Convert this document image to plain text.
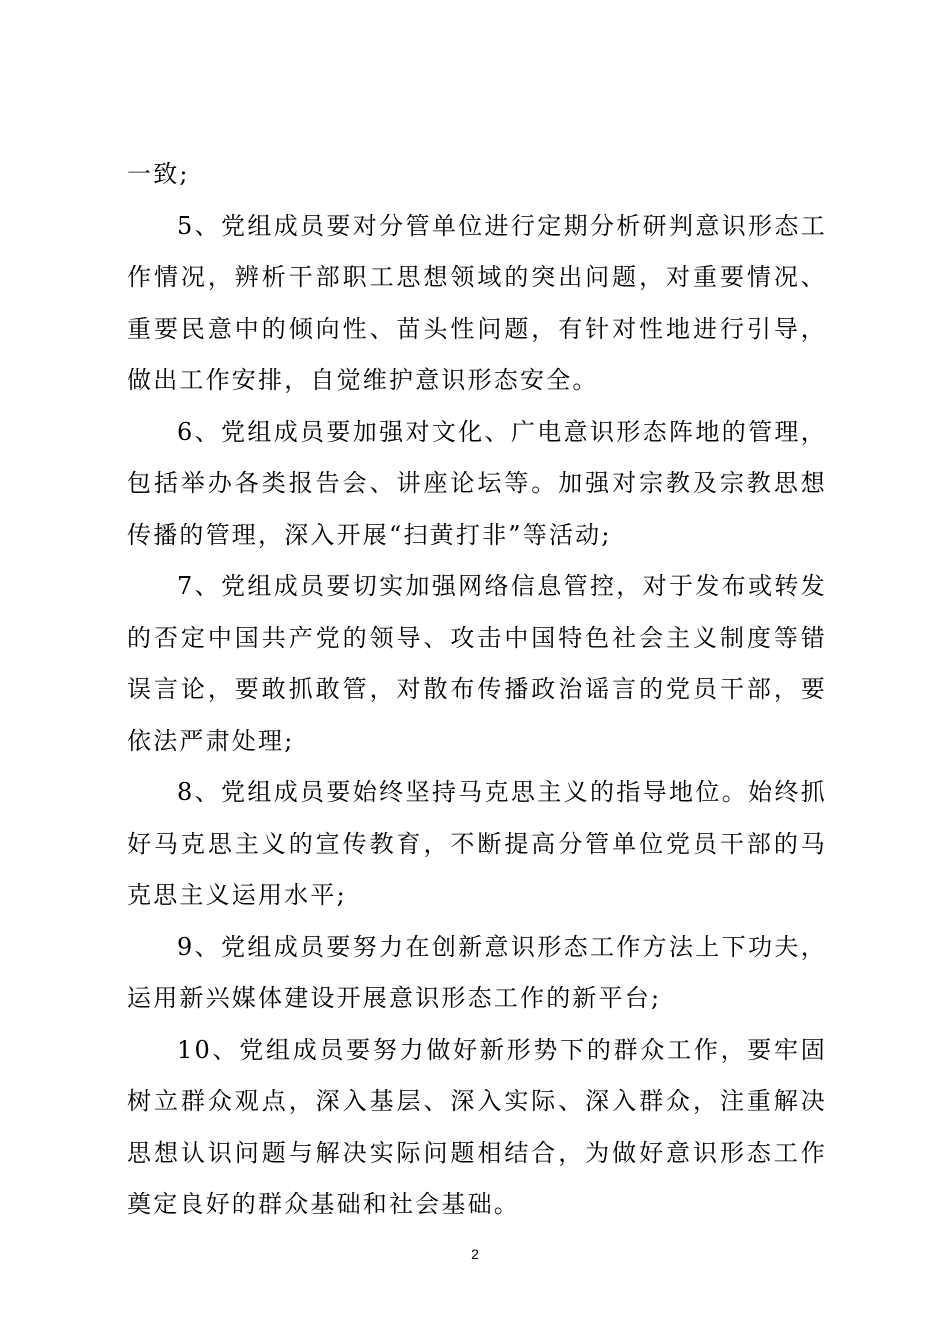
一致;

5、党组成员要对分管单位进行定期分析研判意识形态工作情况，辨析干部职工思想领域的突出问题，对重要情况、重要民意中的倾向性、苗头性问题，有针对性地进行引导，做出工作安排，自觉维护意识形态安全。

6、党组成员要加强对文化、广电意识形态阵地的管理，包括举办各类报告会、讲座论坛等。加强对宗教及宗教思想传播的管理，深入开展“扫黄打非”等活动;

7、党组成员要切实加强网络信息管控，对于发布或转发的否定中国共产党的领导、攻击中国特色社会主义制度等错误言论，要敢抓敢管，对散布传播政治谣言的党员干部，要依法严肃处理;

8、党组成员要始终坚持马克思主义的指导地位。始终抓好马克思主义的宣传教育，不断提高分管单位党员干部的马克思主义运用水平;

9、党组成员要努力在创新意识形态工作方法上下功夫，运用新兴媒体建设开展意识形态工作的新平台;

10、党组成员要努力做好新形势下的群众工作，要牢固树立群众观点，深入基层、深入实际、深入群众，注重解决思想认识问题与解决实际问题相结合，为做好意识形态工作奠定良好的群众基础和社会基础。

2
